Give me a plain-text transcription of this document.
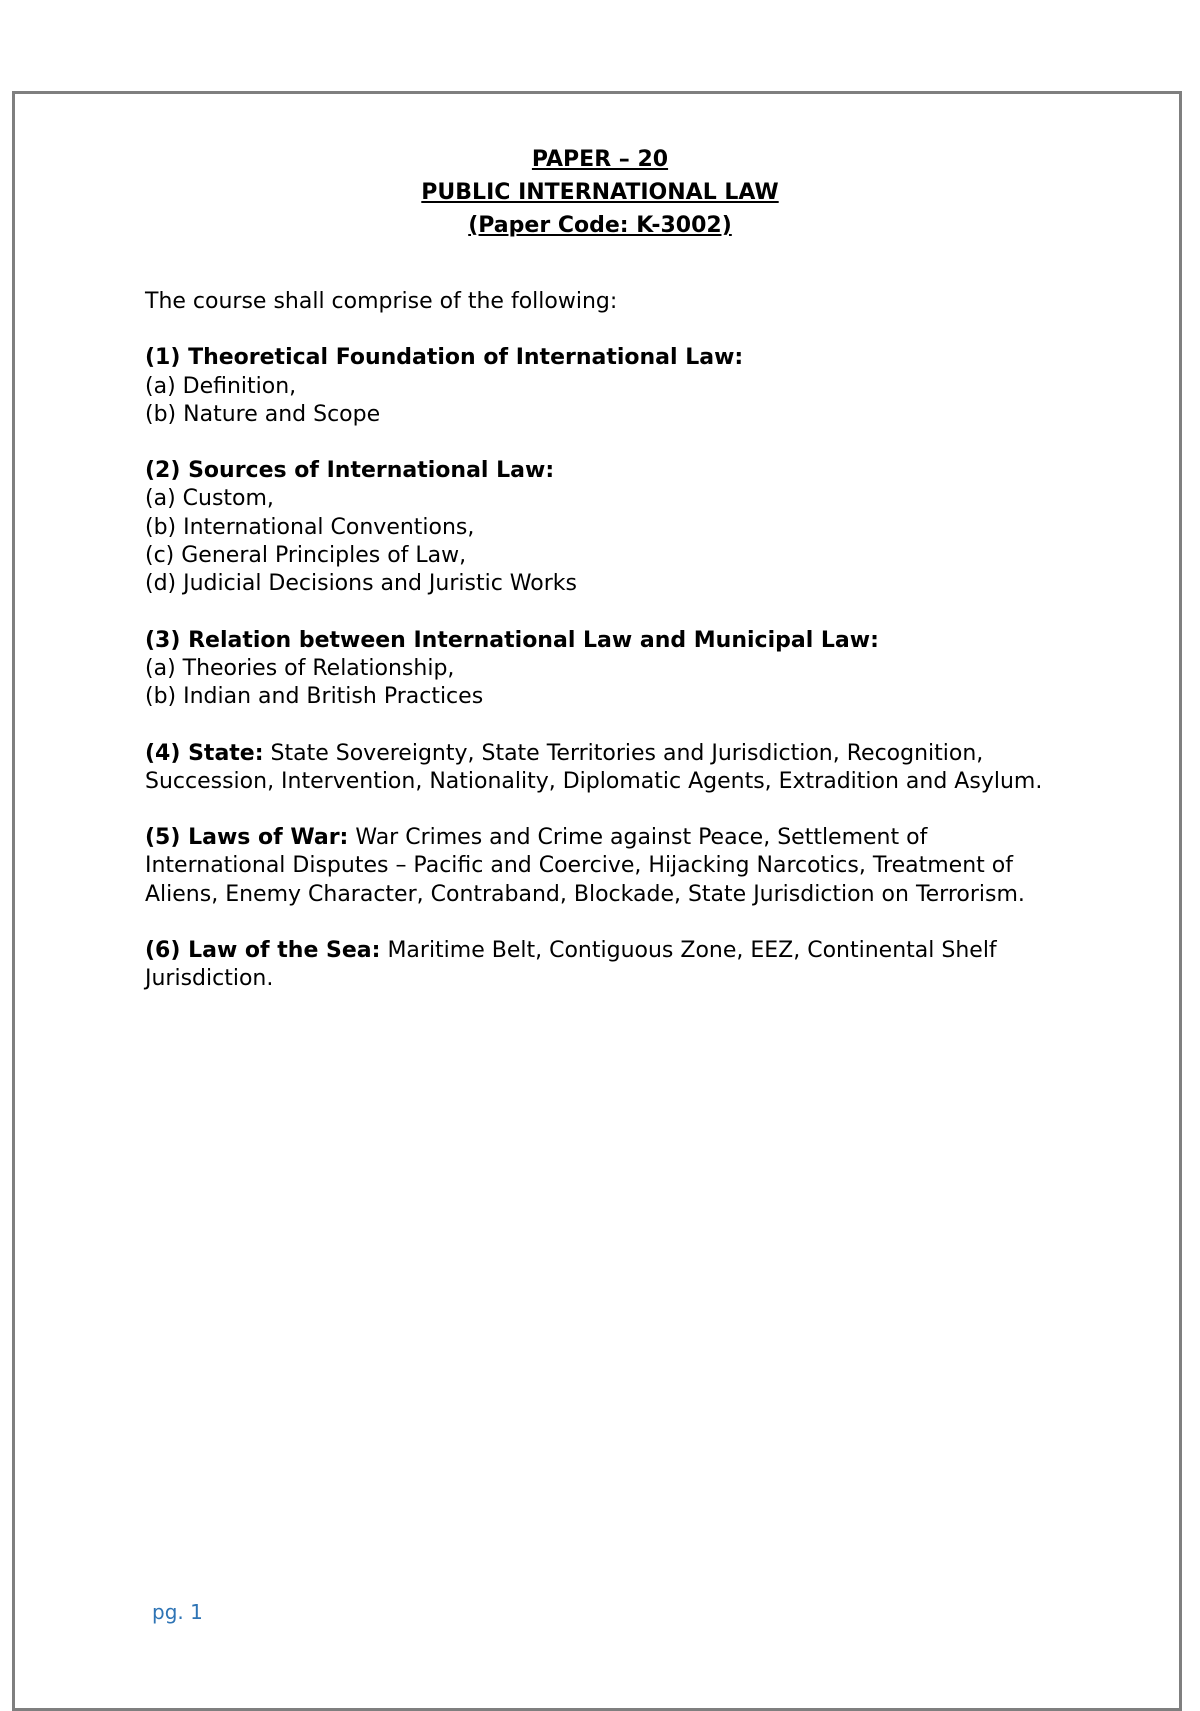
PAPER – 20
PUBLIC INTERNATIONAL LAW
(Paper Code: K-3002)

The course shall comprise of the following:

(1) Theoretical Foundation of International Law:

(a) Definition,

(b) Nature and Scope

(2) Sources of International Law:

(a) Custom,

(b) International Conventions,

(c) General Principles of Law,

(d) Judicial Decisions and Juristic Works

(3) Relation between International Law and Municipal Law:

(a) Theories of Relationship,

(b) Indian and British Practices

(4) State: State Sovereignty, State Territories and Jurisdiction, Recognition, Succession, Intervention, Nationality, Diplomatic Agents, Extradition and Asylum.

(5) Laws of War: War Crimes and Crime against Peace, Settlement of International Disputes – Pacific and Coercive, Hijacking Narcotics, Treatment of Aliens, Enemy Character, Contraband, Blockade, State Jurisdiction on Terrorism.

(6) Law of the Sea: Maritime Belt, Contiguous Zone, EEZ, Continental Shelf Jurisdiction.

pg. 1
